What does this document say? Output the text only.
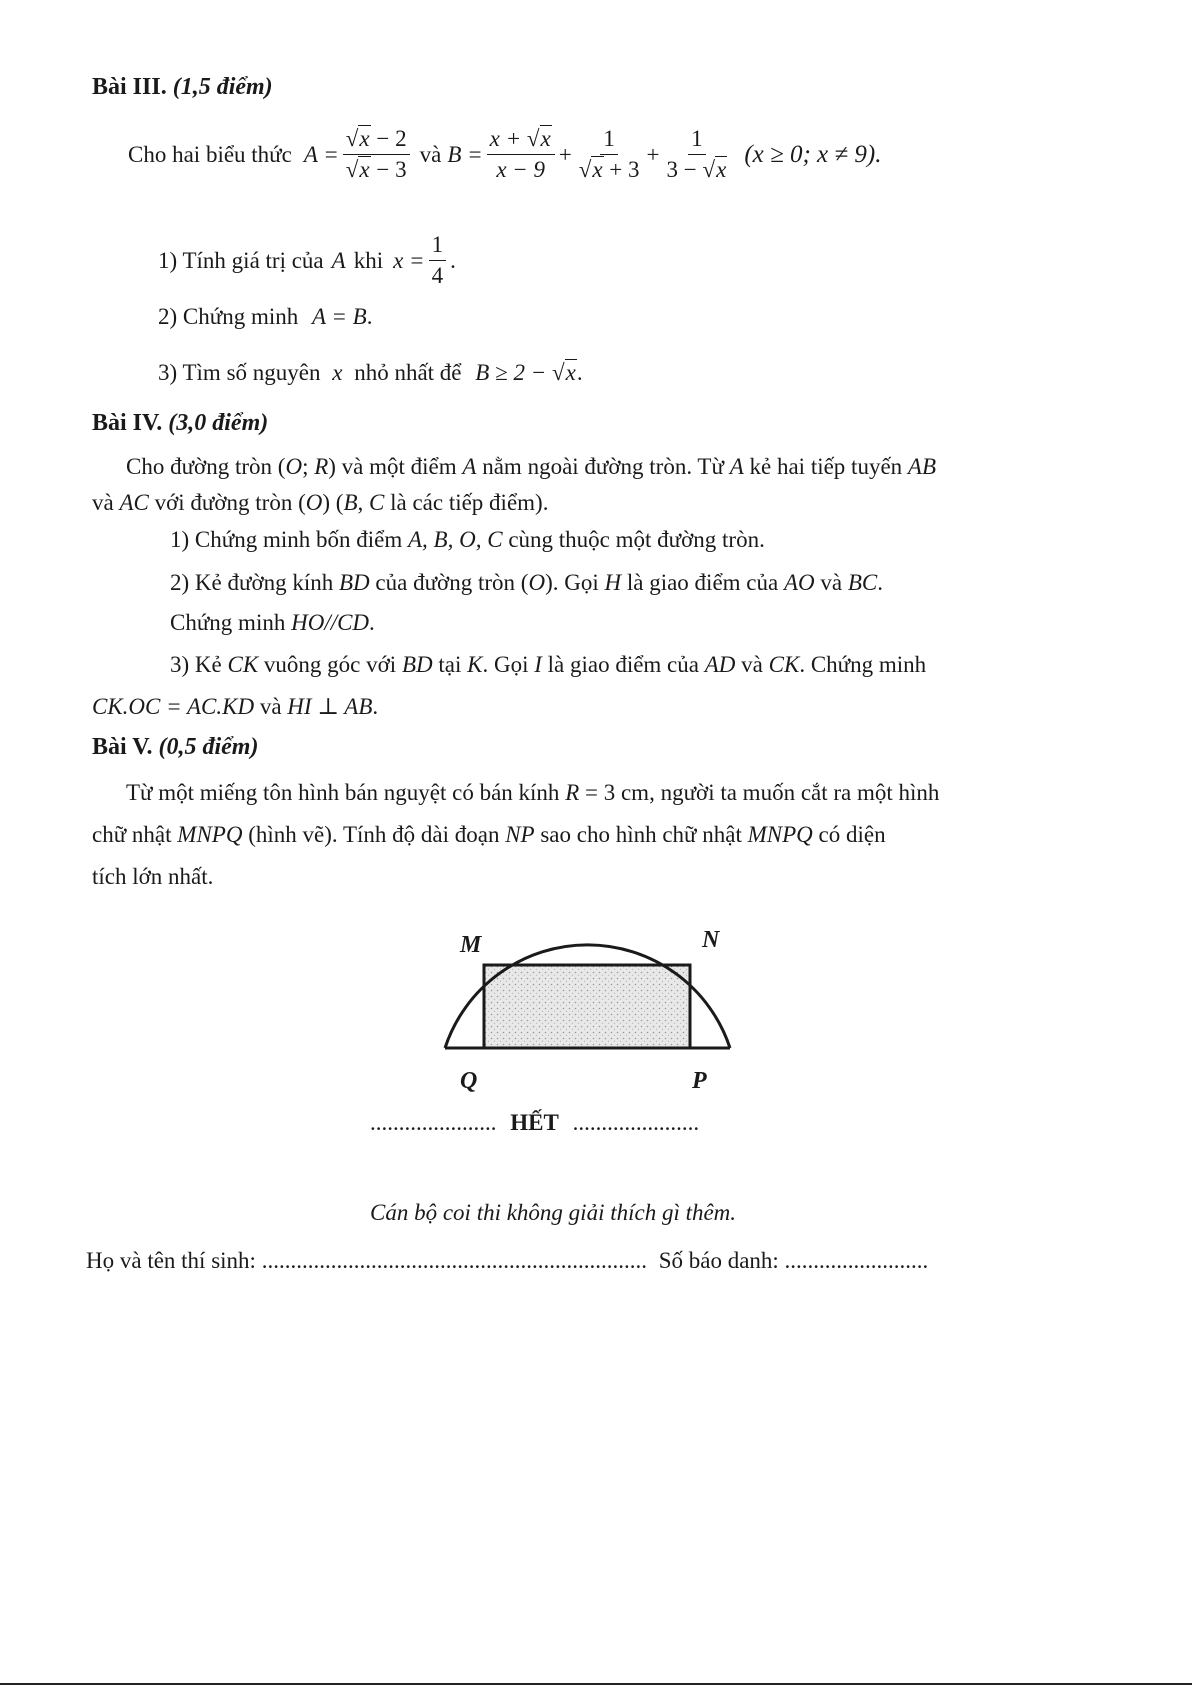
Bài III. (1,5 điểm)
Cho hai biểu thức $A = \frac{√x - 2}{√x - 3}$ và $B = \frac{x + √x}{x - 9} + \frac{1}{√x + 3} + \frac{1}{3 - √x} (x \ge 0$; x ≠ 9).
1) Tính giá trị của A khi $x = \frac{1}{4}$ .
2) Chứng minh A = B.
3) Tìm số nguyên x nhỏ nhất để B ≥ 2 − √x.
Bài IV. (3,0 điểm)
Cho đường tròn (O; R) và một điểm A nằm ngoài đường tròn. Từ A kẻ hai tiếp tuyến AB
và AC với đường tròn (O) (B, C là các tiếp điểm).
1) Chứng minh bốn điểm A, B, O, C cùng thuộc một đường tròn.
2) Kẻ đường kính BD của đường tròn (O). Gọi H là giao điểm của AO và BC.
Chứng minh HO//CD.
3) Kẻ CK vuông góc với BD tại K. Gọi I là giao điểm của AD và CK. Chứng minh
CK.OC = AC.KD và HI ⊥ AB.
Bài V. (0,5 điểm)
Từ một miếng tôn hình bán nguyệt có bán kính R = 3 cm, người ta muốn cắt ra một hình
chữ nhật MNPQ (hình vẽ). Tính độ dài đoạn NP sao cho hình chữ nhật MNPQ có diện
tích lớn nhất.
M	N
Q	P
...................... HẾT ......................
Cán bộ coi thi không giải thích gì thêm.
Họ và tên thí sinh: ................................................................... Số báo danh: .........................
